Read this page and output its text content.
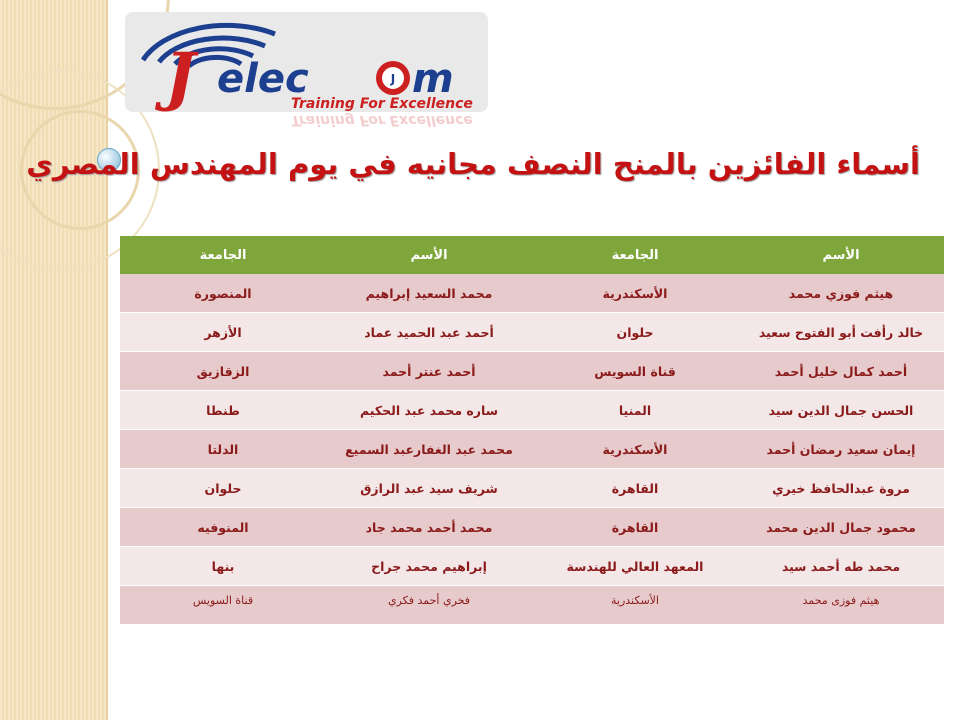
J elec	J m
Training For Excellence
Training For Excellence
أسماء الفائزين بالمنح النصف مجانيه في يوم المهندس المصري
الأسم	الجامعة	الأسم	الجامعة
هيثم فوزي محمد	الأسكندرية	محمد السعيد إبراهيم	المنصورة
خالد رأفت أبو الفتوح سعيد	حلوان	أحمد عبد الحميد عماد	الأزهر
أحمد كمال خليل أحمد	قناة السويس	أحمد عنتر أحمد	الزقازيق
الحسن جمال الدين سيد	المنيا	ساره محمد عبد الحكيم	طنطا
إيمان سعيد رمضان أحمد	الأسكندرية	محمد عبد الغفارعبد السميع	الدلتا
مروة عبدالحافظ خيري	القاهرة	شريف سيد عبد الرازق	حلوان
محمود جمال الدين محمد	القاهرة	محمد أحمد محمد جاد	المنوفيه
محمد طه أحمد سيد	المعهد العالي للهندسة	إبراهيم محمد جراح	بنها
هيثم فوزى محمد	الأسكندرية	فخري أحمد فكري	قناة السويس
